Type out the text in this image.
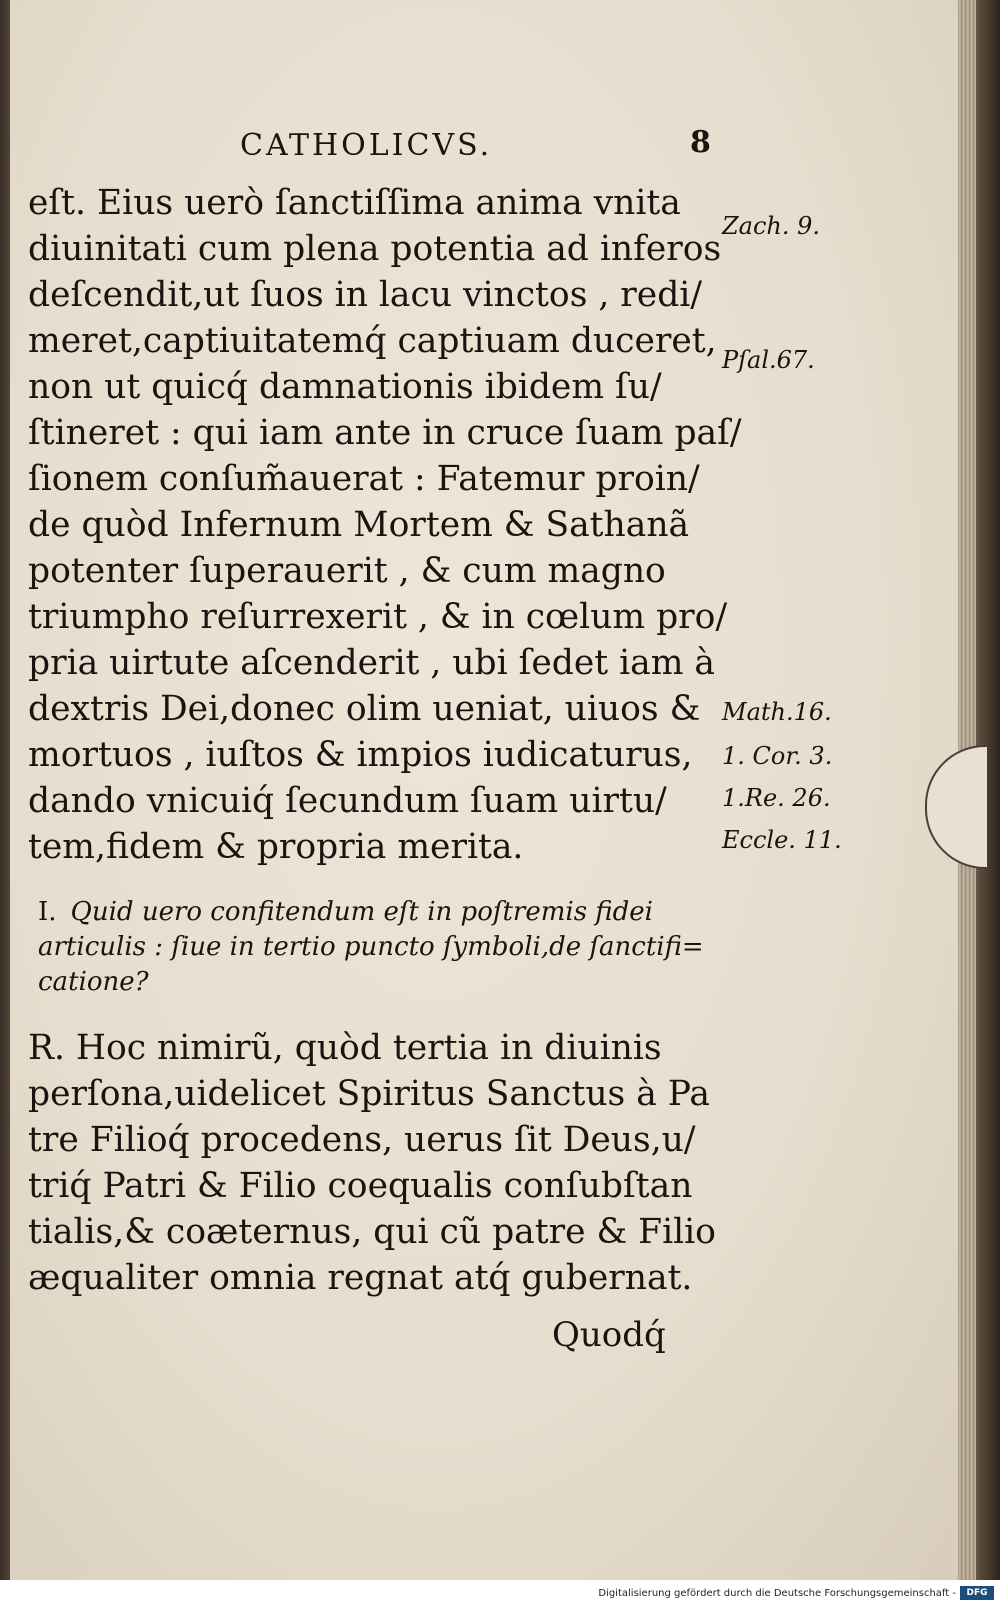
CATHOLICVS.	8
eſt. Eius uerò ſanctiſſima anima vnita
diuinitati cum plena potentia ad inferos
deſcendit,ut ſuos in lacu vinctos , redi/
meret,captiuitatemq́ captiuam duceret,
non ut quicq́ damnationis ibidem ſu/
ſtineret : qui iam ante in cruce ſuam paſ/
ſionem conſum̃auerat : Fatemur proin/
de quòd Infernum Mortem & Sathanã
potenter ſuperauerit , & cum magno
triumpho reſurrexerit , & in cœlum pro/
pria uirtute aſcenderit , ubi ſedet iam à
dextris Dei,donec olim ueniat, uiuos &
mortuos , iuſtos & impios iudicaturus,
dando vnicuiq́ ſecundum ſuam uirtu/
tem,fidem & propria merita.
I. Quid uero confitendum eſt in poſtremis fidei articulis : ſiue in tertio puncto ſymboli,de ſanctifi= catione?
R. Hoc nimirũ, quòd tertia in diuinis
perſona,uidelicet Spiritus Sanctus à Pa
tre Filioq́ procedens, uerus ſit Deus,u/
triq́ Patri & Filio coequalis conſubſtan
tialis,& coæternus, qui cũ patre & Filio
æqualiter omnia regnat atq́ gubernat.
Quodq́
Zach. 9.
Pſal.67.
Math.16.
1. Cor. 3.
1.Re. 26.
Eccle. 11.
Digitalisierung gefördert durch die Deutsche Forschungsgemeinschaft -	DFG
